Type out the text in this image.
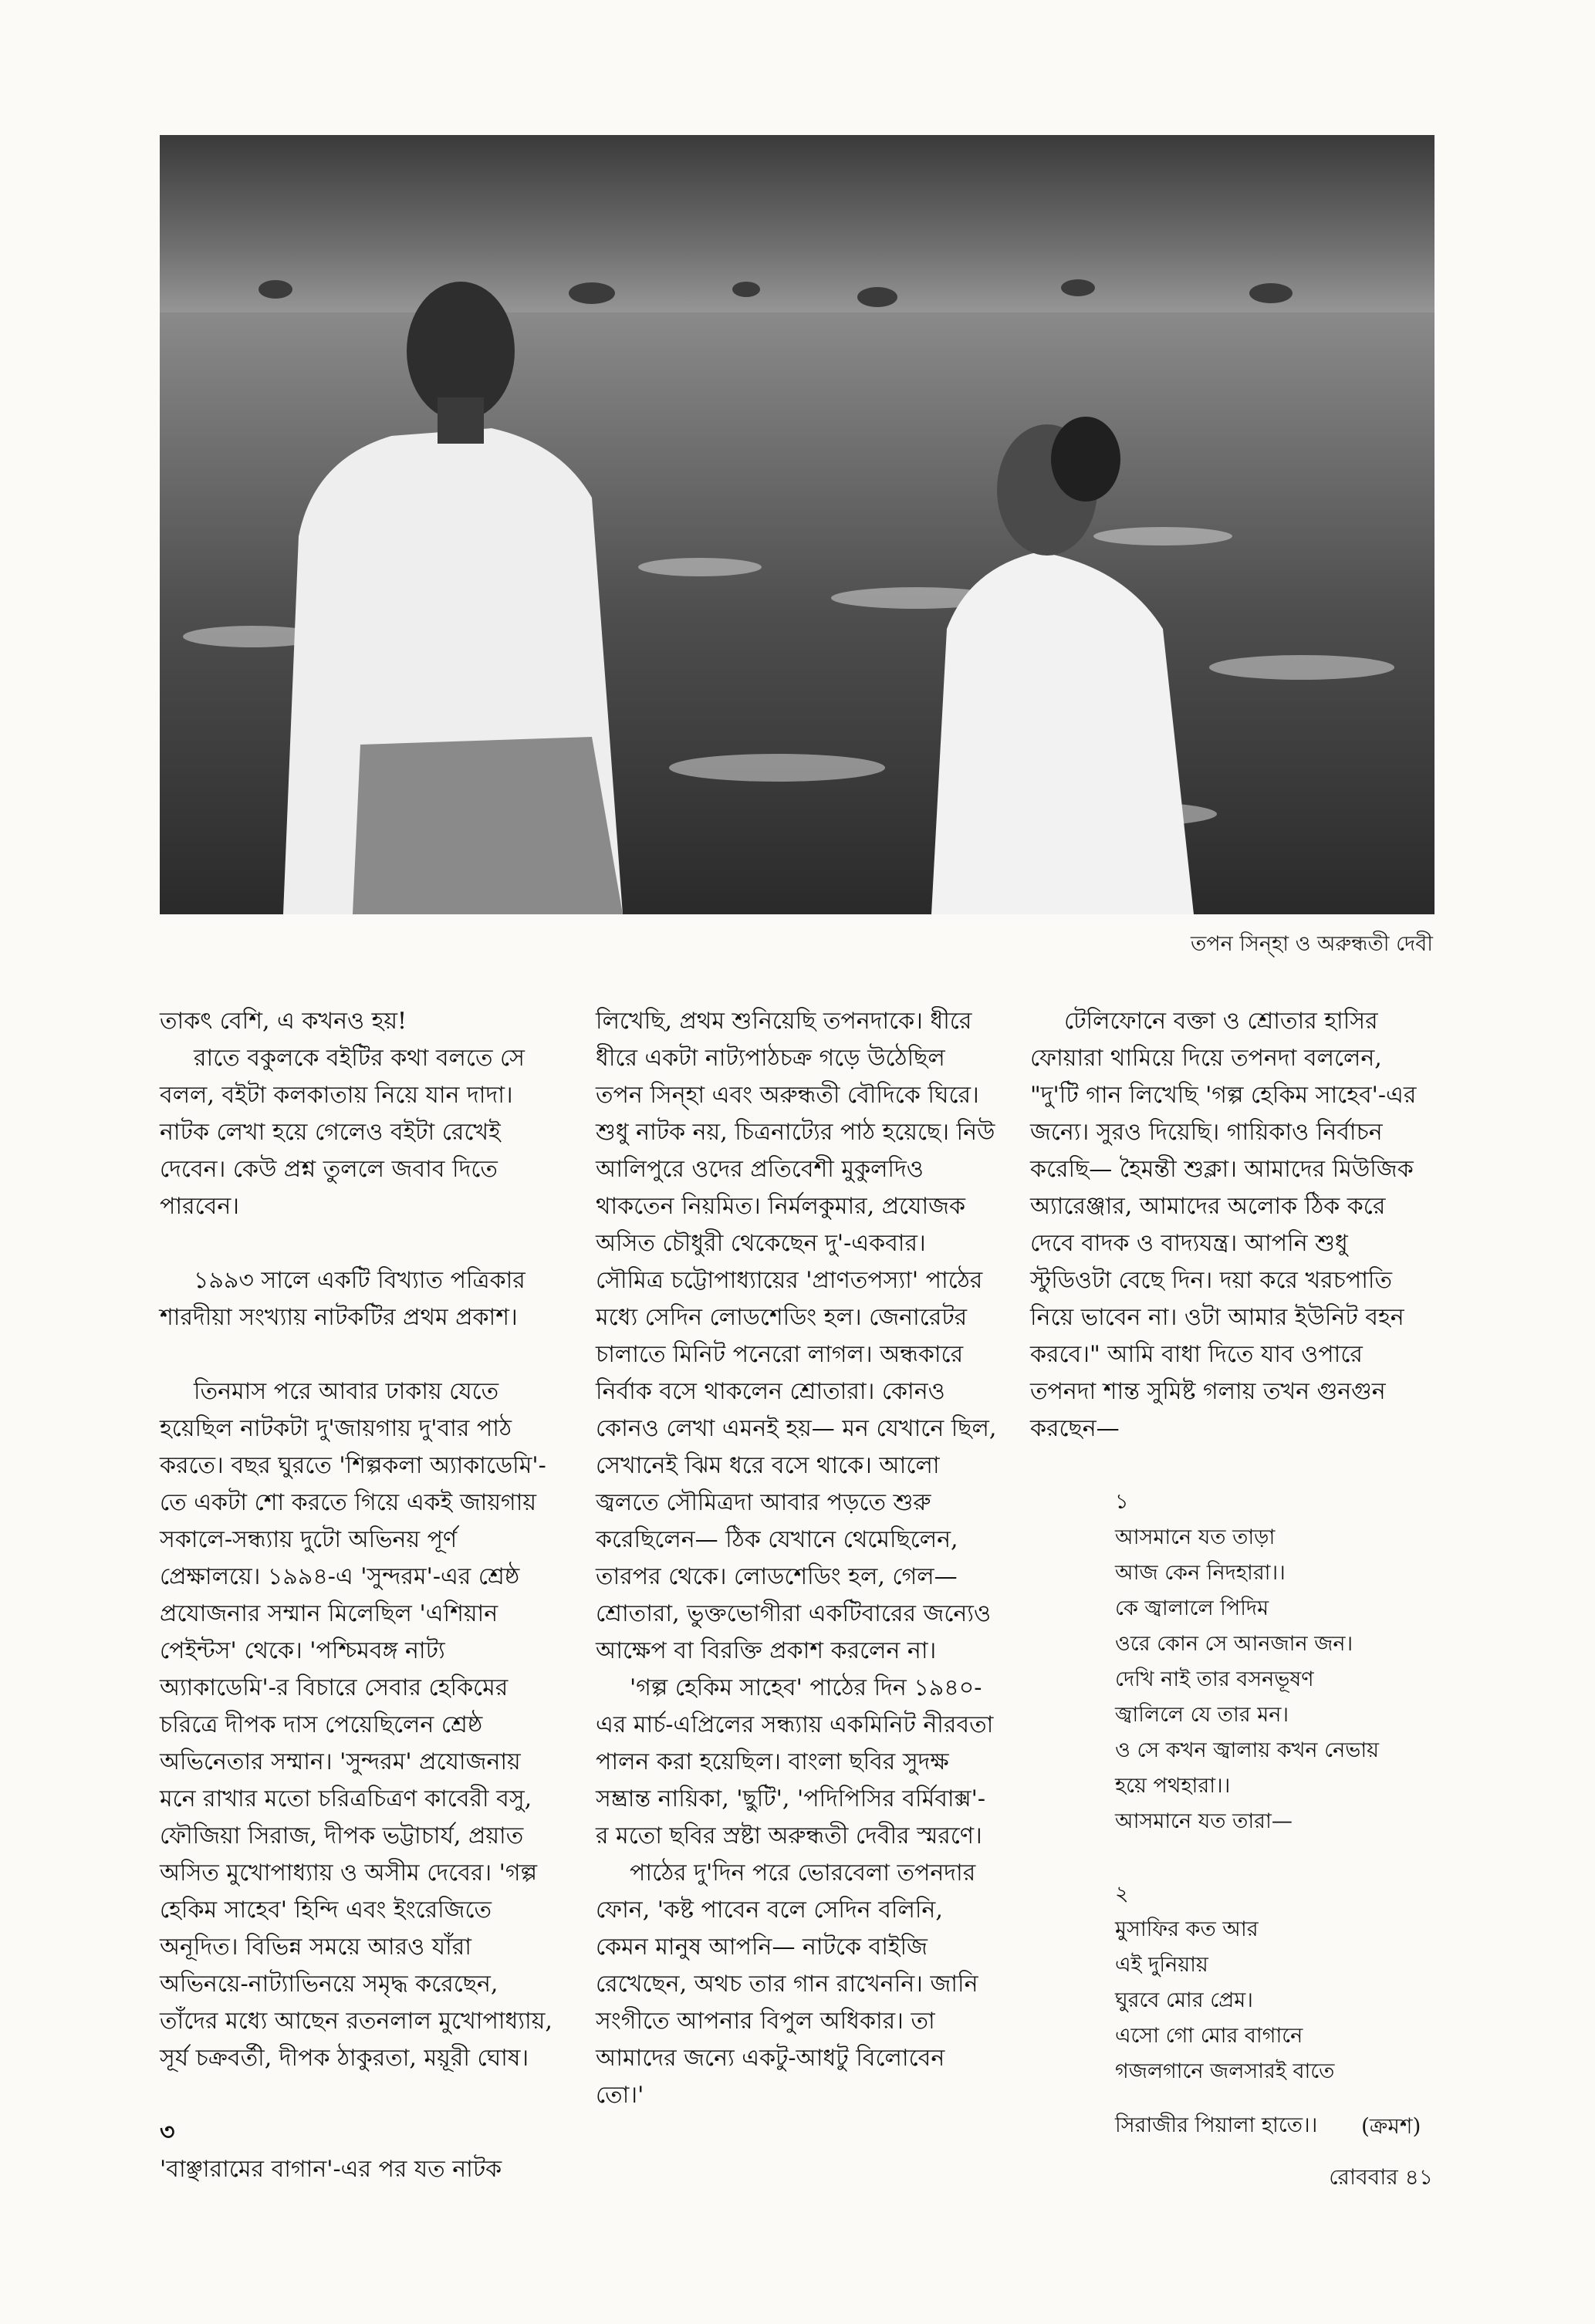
তপন সিন্‌হা ও অরুন্ধতী দেবী

তাকৎ বেশি, এ কখনও হয়!

রাতে বকুলকে বইটির কথা বলতে সে বলল, বইটা কলকাতায় নিয়ে যান দাদা। নাটক লেখা হয়ে গেলেও বইটা রেখেই দেবেন। কেউ প্রশ্ন তুললে জবাব দিতে পারবেন।

১৯৯৩ সালে একটি বিখ্যাত পত্রিকার শারদীয়া সংখ্যায় নাটকটির প্রথম প্রকাশ।

তিনমাস পরে আবার ঢাকায় যেতে হয়েছিল নাটকটা দু'জায়গায় দু'বার পাঠ করতে। বছর ঘুরতে 'শিল্পকলা অ্যাকাডেমি'-তে একটা শো করতে গিয়ে একই জায়গায় সকালে-সন্ধ্যায় দুটো অভিনয় পূর্ণ প্রেক্ষালয়ে। ১৯৯৪-এ 'সুন্দরম'-এর শ্রেষ্ঠ প্রযোজনার সম্মান মিলেছিল 'এশিয়ান পেইন্টস' থেকে। 'পশ্চিমবঙ্গ নাট্য অ্যাকাডেমি'-র বিচারে সেবার হেকিমের চরিত্রে দীপক দাস পেয়েছিলেন শ্রেষ্ঠ অভিনেতার সম্মান। 'সুন্দরম' প্রযোজনায় মনে রাখার মতো চরিত্রচিত্রণ কাবেরী বসু, ফৌজিয়া সিরাজ, দীপক ভট্টাচার্য, প্রয়াত অসিত মুখোপাধ্যায় ও অসীম দেবের। 'গল্প হেকিম সাহেব' হিন্দি এবং ইংরেজিতে অনূদিত। বিভিন্ন সময়ে আরও যাঁরা অভিনয়ে-নাট্যাভিনয়ে সমৃদ্ধ করেছেন, তাঁদের মধ্যে আছেন রতনলাল মুখোপাধ্যায়, সূর্য চক্রবর্তী, দীপক ঠাকুরতা, ময়ূরী ঘোষ।

৩

'বাঞ্ছারামের বাগান'-এর পর যত নাটক

লিখেছি, প্রথম শুনিয়েছি তপনদাকে। ধীরে ধীরে একটা নাট্যপাঠচক্র গড়ে উঠেছিল তপন সিন্‌হা এবং অরুন্ধতী বৌদিকে ঘিরে। শুধু নাটক নয়, চিত্রনাট্যের পাঠ হয়েছে। নিউ আলিপুরে ওদের প্রতিবেশী মুকুলদিও থাকতেন নিয়মিত। নির্মলকুমার, প্রযোজক অসিত চৌধুরী থেকেছেন দু'-একবার। সৌমিত্র চট্টোপাধ্যায়ের 'প্রাণতপস্যা' পাঠের মধ্যে সেদিন লোডশেডিং হল। জেনারেটর চালাতে মিনিট পনেরো লাগল। অন্ধকারে নির্বাক বসে থাকলেন শ্রোতারা। কোনও কোনও লেখা এমনই হয়— মন যেখানে ছিল, সেখানেই ঝিম ধরে বসে থাকে। আলো জ্বলতে সৌমিত্রদা আবার পড়তে শুরু করেছিলেন— ঠিক যেখানে থেমেছিলেন, তারপর থেকে। লোডশেডিং হল, গেল— শ্রোতারা, ভুক্তভোগীরা একটিবারের জন্যেও আক্ষেপ বা বিরক্তি প্রকাশ করলেন না।

'গল্প হেকিম সাহেব' পাঠের দিন ১৯৪০-এর মার্চ-এপ্রিলের সন্ধ্যায় একমিনিট নীরবতা পালন করা হয়েছিল। বাংলা ছবির সুদক্ষ সম্ভ্রান্ত নায়িকা, 'ছুটি', 'পদিপিসির বর্মিবাক্স'-র মতো ছবির স্রষ্টা অরুন্ধতী দেবীর স্মরণে।

পাঠের দু'দিন পরে ভোরবেলা তপনদার ফোন, 'কষ্ট পাবেন বলে সেদিন বলিনি, কেমন মানুষ আপনি— নাটকে বাইজি রেখেছেন, অথচ তার গান রাখেননি। জানি সংগীতে আপনার বিপুল অধিকার। তা আমাদের জন্যে একটু-আধটু বিলোবেন তো।'

টেলিফোনে বক্তা ও শ্রোতার হাসির ফোয়ারা থামিয়ে দিয়ে তপনদা বললেন, "দু'টি গান লিখেছি 'গল্প হেকিম সাহেব'-এর জন্যে। সুরও দিয়েছি। গায়িকাও নির্বাচন করেছি— হৈমন্তী শুক্লা। আমাদের মিউজিক অ্যারেঞ্জার, আমাদের অলোক ঠিক করে দেবে বাদক ও বাদ্যযন্ত্র। আপনি শুধু স্টুডিওটা বেছে দিন। দয়া করে খরচপাতি নিয়ে ভাবেন না। ওটা আমার ইউনিট বহন করবে।" আমি বাধা দিতে যাব ওপারে তপনদা শান্ত সুমিষ্ট গলায় তখন গুনগুন করছেন—

১

আসমানে যত তাড়া

আজ কেন নিদহারা।।

কে জ্বালালে পিদিম

ওরে কোন সে আনজান জন।

দেখি নাই তার বসনভূষণ

জ্বালিলে যে তার মন।

ও সে কখন জ্বালায় কখন নেভায়

হয়ে পথহারা।।

আসমানে যত তারা—

২

মুসাফির কত আর

এই দুনিয়ায়

ঘুরবে মোর প্রেম।

এসো গো মোর বাগানে

গজলগানে জলসারই বাতে

সিরাজীর পিয়ালা হাতে।।	(ক্রমশ)
রোববার ৪১
